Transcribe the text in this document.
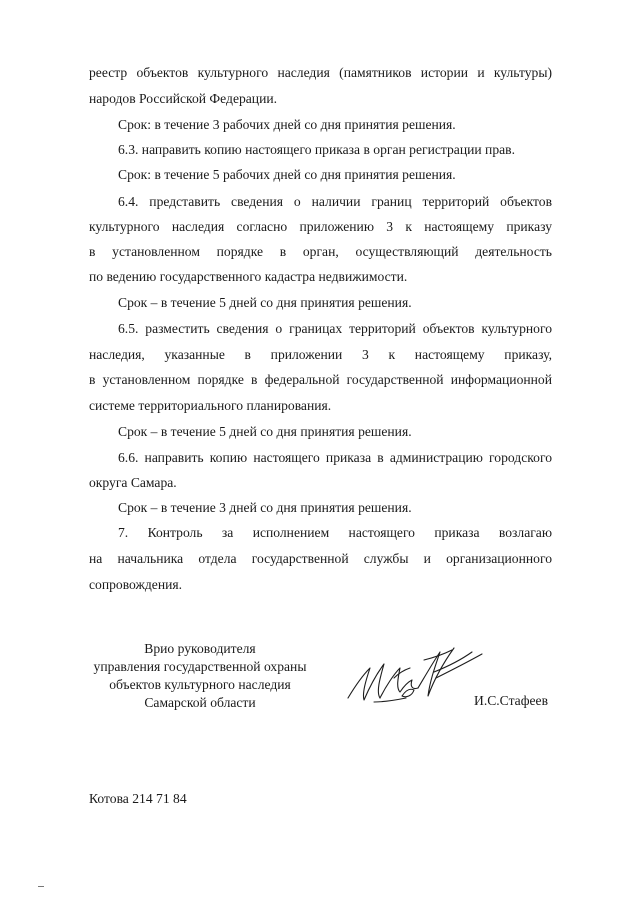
реестр объектов культурного наследия (памятников истории и культуры)
народов Российской Федерации.
Срок: в течение 3 рабочих дней со дня принятия решения.
6.3. направить копию настоящего приказа в орган регистрации прав.
Срок: в течение 5 рабочих дней со дня принятия решения.
6.4. представить сведения о наличии границ территорий объектов
культурного наследия согласно приложению 3 к настоящему приказу
в установленном порядке в орган, осуществляющий деятельность
по ведению государственного кадастра недвижимости.
Срок – в течение 5 дней со дня принятия решения.
6.5. разместить сведения о границах территорий объектов культурного
наследия, указанные в приложении 3 к настоящему приказу,
в установленном порядке в федеральной государственной информационной
системе территориального планирования.
Срок – в течение 5 дней со дня принятия решения.
6.6. направить копию настоящего приказа в администрацию городского
округа Самара.
Срок – в течение 3 дней со дня принятия решения.
7. Контроль за исполнением настоящего приказа возлагаю
на начальника отдела государственной службы и организационного
сопровождения.
Врио руководителя
управления государственной охраны
объектов культурного наследия
Самарской области	И.С.Стафеев
Котова 214 71 84
